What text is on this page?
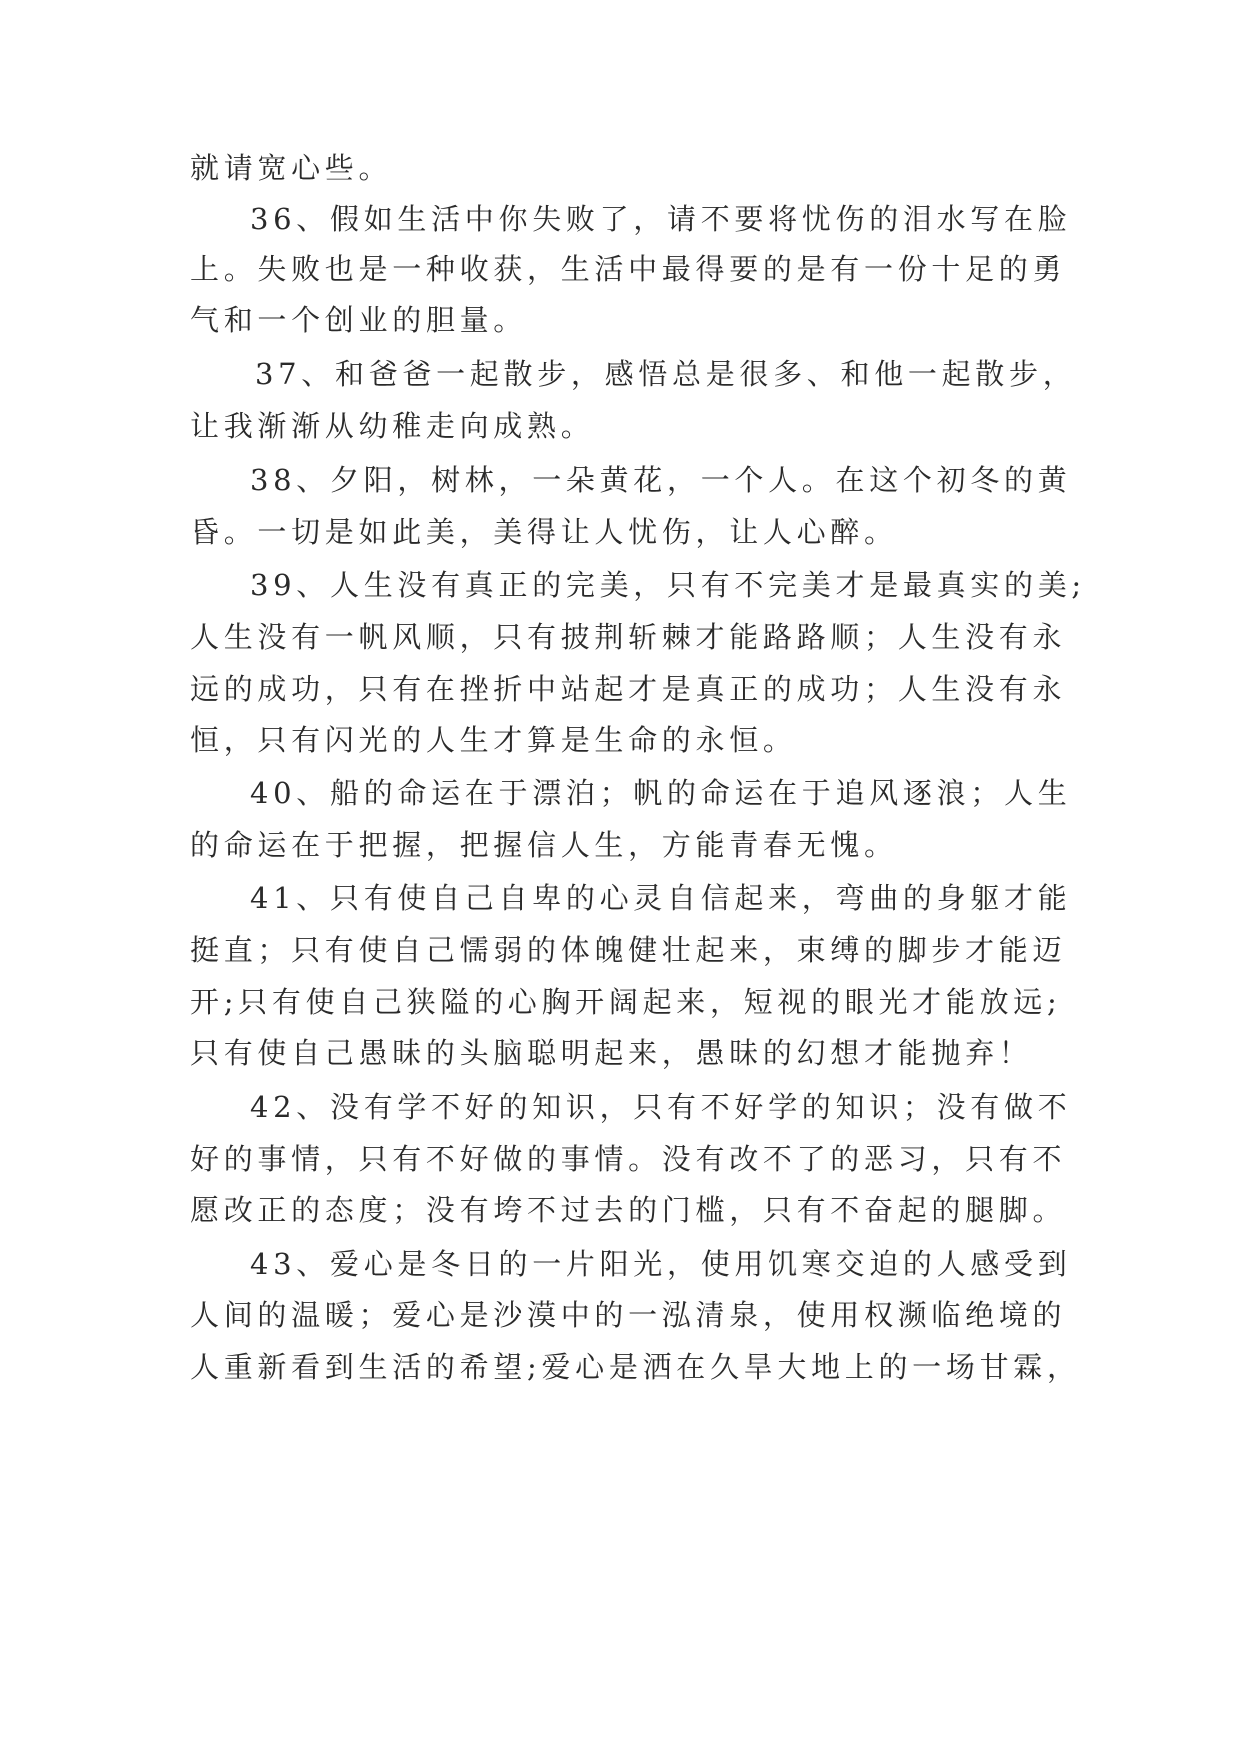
就请宽心些。
36、假如生活中你失败了，请不要将忧伤的泪水写在脸
上。失败也是一种收获，生活中最得要的是有一份十足的勇
气和一个创业的胆量。
37、和爸爸一起散步，感悟总是很多、和他一起散步，
让我渐渐从幼稚走向成熟。
38、夕阳，树林，一朵黄花，一个人。在这个初冬的黄
昏。一切是如此美，美得让人忧伤，让人心醉。
39、人生没有真正的完美，只有不完美才是最真实的美;
人生没有一帆风顺，只有披荆斩棘才能路路顺；人生没有永
远的成功，只有在挫折中站起才是真正的成功；人生没有永
恒，只有闪光的人生才算是生命的永恒。
40、船的命运在于漂泊；帆的命运在于追风逐浪；人生
的命运在于把握，把握信人生，方能青春无愧。
41、只有使自己自卑的心灵自信起来，弯曲的身躯才能
挺直；只有使自己懦弱的体魄健壮起来，束缚的脚步才能迈
开;只有使自己狭隘的心胸开阔起来，短视的眼光才能放远;
只有使自己愚昧的头脑聪明起来，愚昧的幻想才能抛弃！
42、没有学不好的知识，只有不好学的知识；没有做不
好的事情，只有不好做的事情。没有改不了的恶习，只有不
愿改正的态度；没有垮不过去的门槛，只有不奋起的腿脚。
43、爱心是冬日的一片阳光，使用饥寒交迫的人感受到
人间的温暖；爱心是沙漠中的一泓清泉，使用权濒临绝境的
人重新看到生活的希望;爱心是洒在久旱大地上的一场甘霖，
